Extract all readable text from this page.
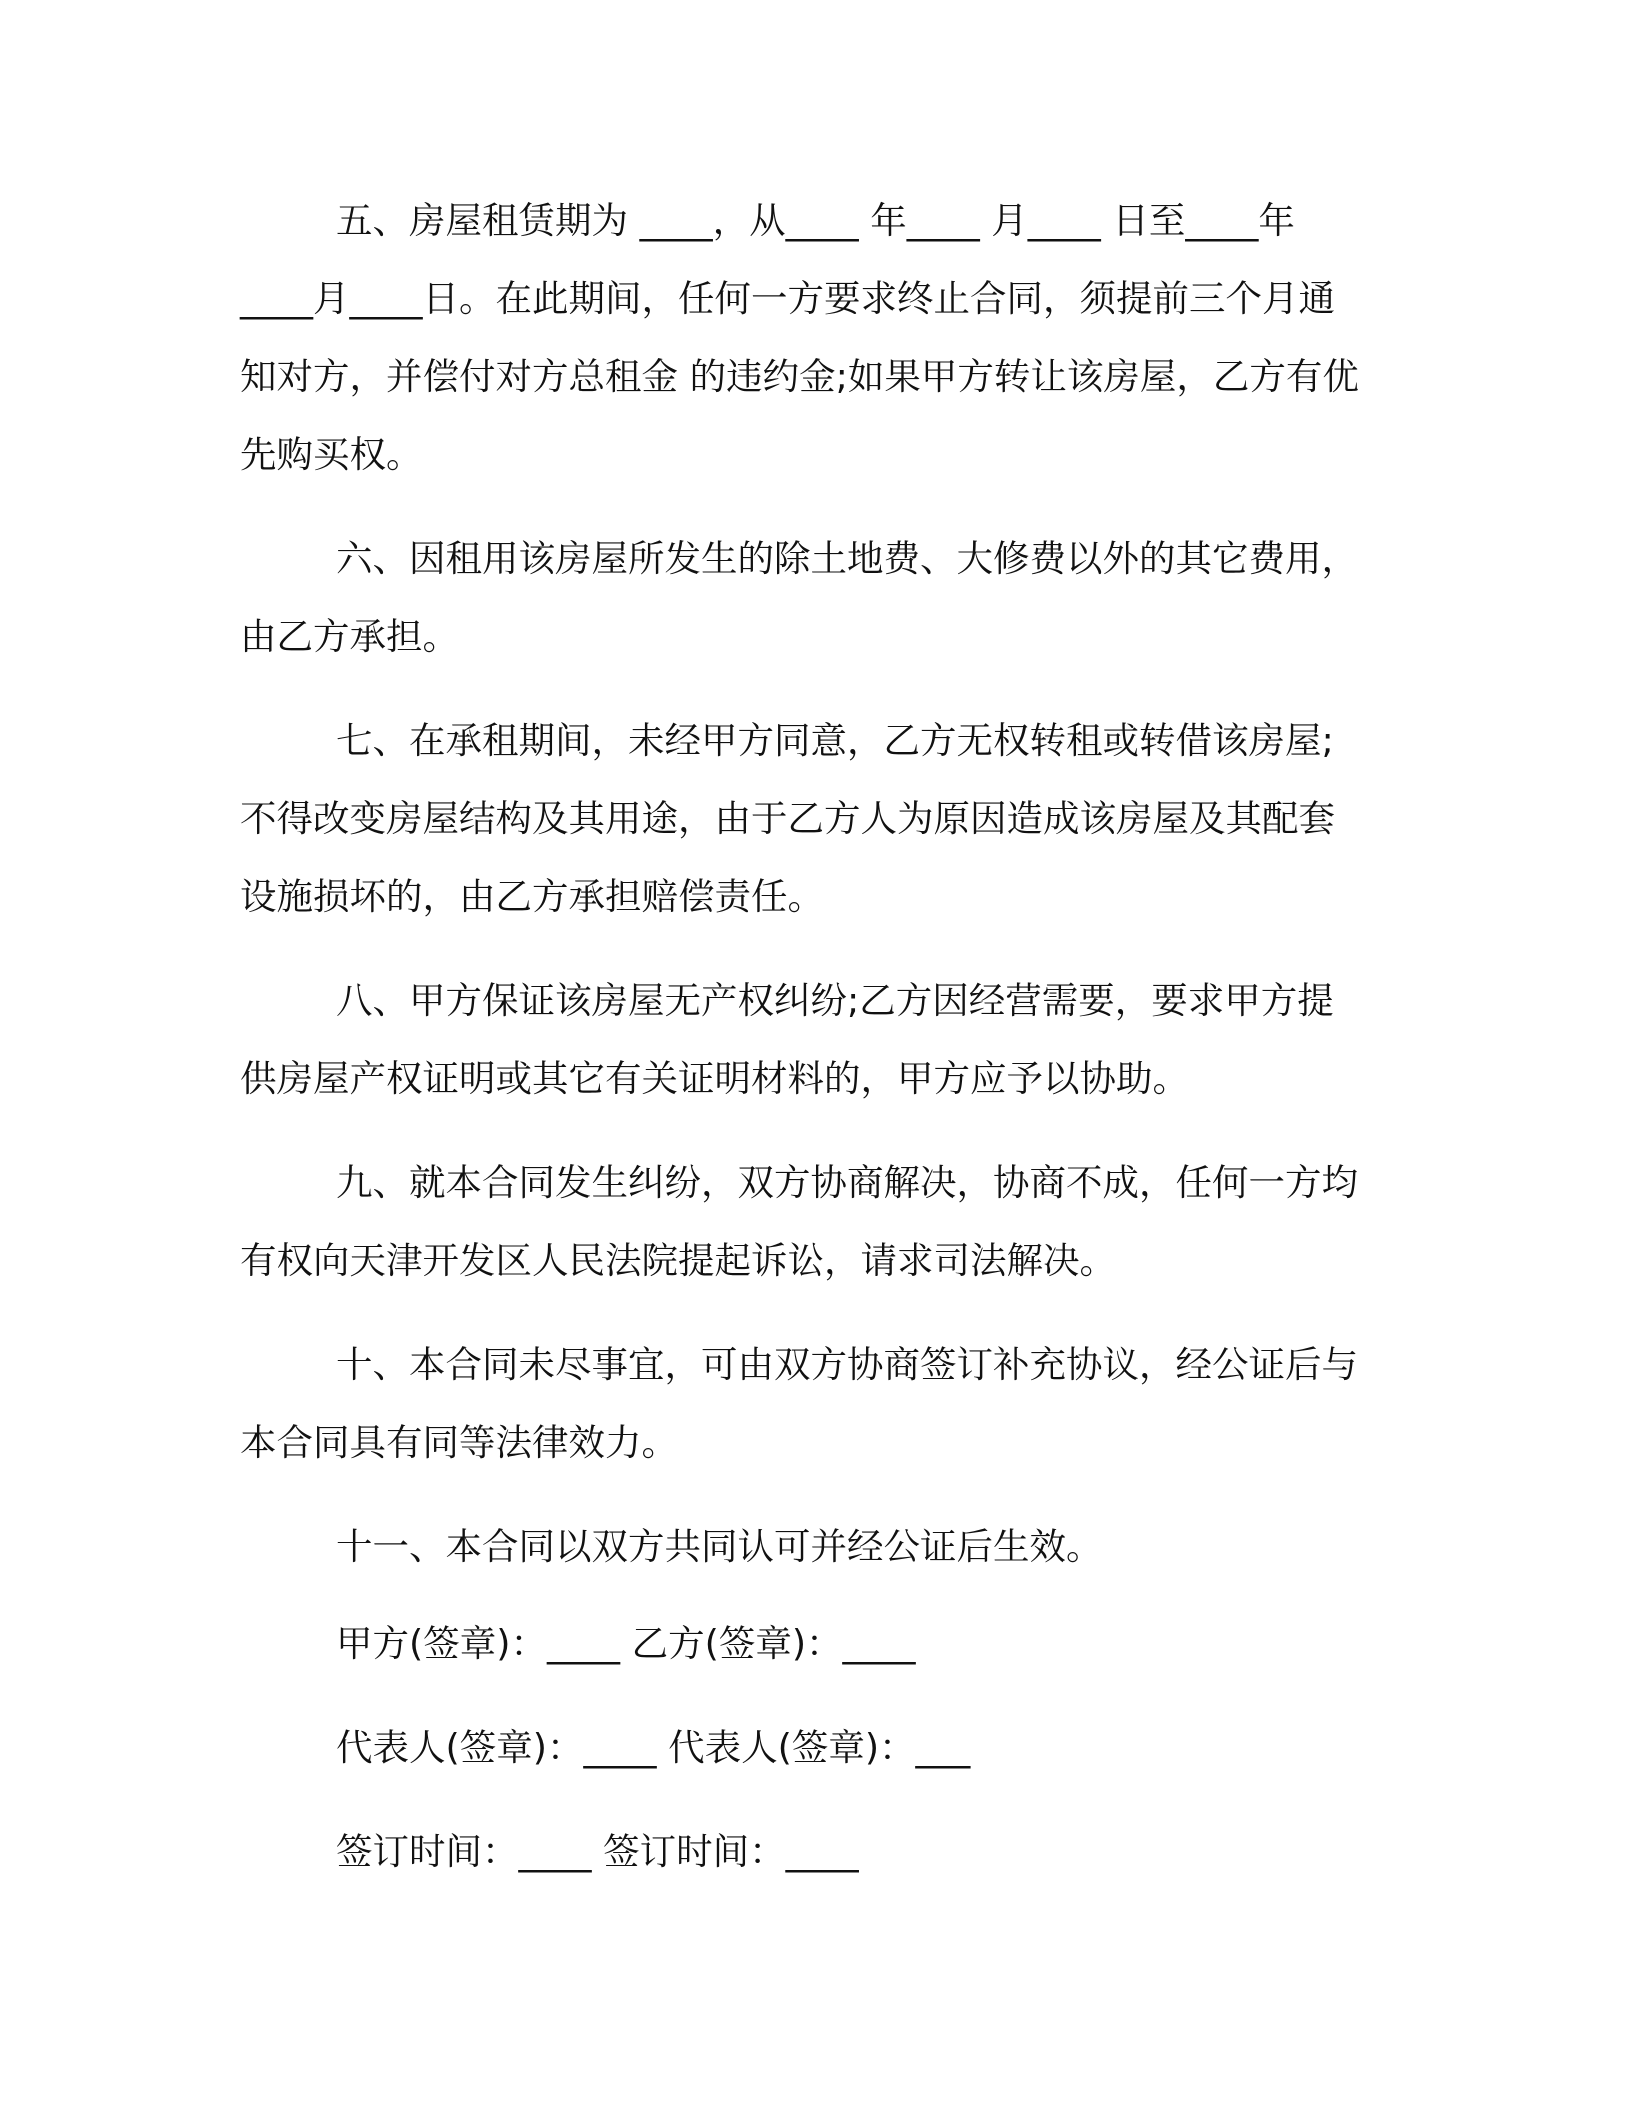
五、房屋租赁期为 ____，从____ 年____ 月____ 日至____年
____月____日。在此期间，任何一方要求终止合同，须提前三个月通
知对方，并偿付对方总租金 的违约金;如果甲方转让该房屋，乙方有优
先购买权。
六、因租用该房屋所发生的除土地费、大修费以外的其它费用，
由乙方承担。
七、在承租期间，未经甲方同意，乙方无权转租或转借该房屋;
不得改变房屋结构及其用途，由于乙方人为原因造成该房屋及其配套
设施损坏的，由乙方承担赔偿责任。
八、甲方保证该房屋无产权纠纷;乙方因经营需要，要求甲方提
供房屋产权证明或其它有关证明材料的，甲方应予以协助。
九、就本合同发生纠纷，双方协商解决，协商不成，任何一方均
有权向天津开发区人民法院提起诉讼，请求司法解决。
十、本合同未尽事宜，可由双方协商签订补充协议，经公证后与
本合同具有同等法律效力。
十一、本合同以双方共同认可并经公证后生效。
甲方(签章)：____ 乙方(签章)：____
代表人(签章)：____ 代表人(签章)：___
签订时间：____ 签订时间：____
